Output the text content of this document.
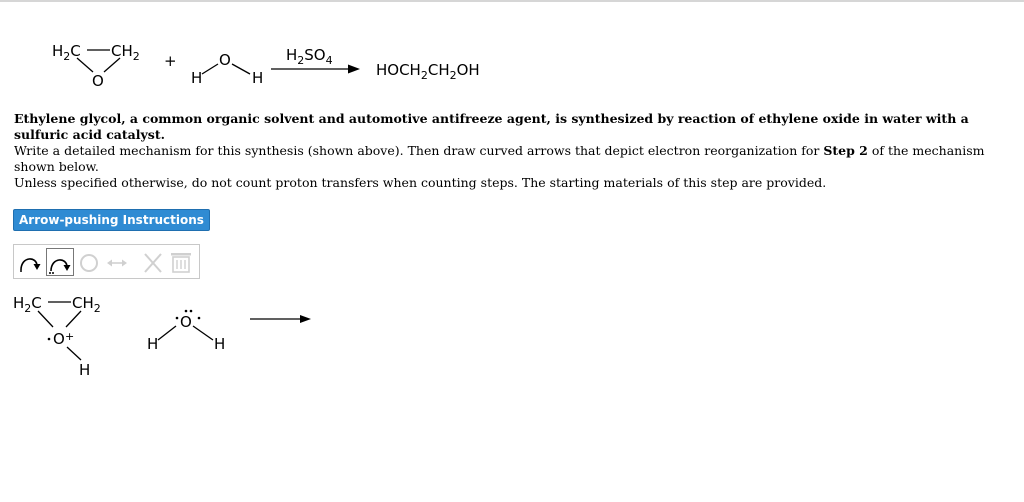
$H_2C$ $CH_2$
O
+
H
O
H
$H_2SO_4$
$HOCH_2CH_2OH$
$H_2C$ $CH_2$
O +
H
H
O
H
Ethylene glycol, a common organic solvent and automotive antifreeze agent, is synthesized by reaction of ethylene oxide in water with a sulfuric acid catalyst.
Write a detailed mechanism for this synthesis (shown above). Then draw curved arrows that depict electron reorganization for Step 2 of the mechanism shown below.
Unless specified otherwise, do not count proton transfers when counting steps. The starting materials of this step are provided.
Arrow-pushing Instructions
